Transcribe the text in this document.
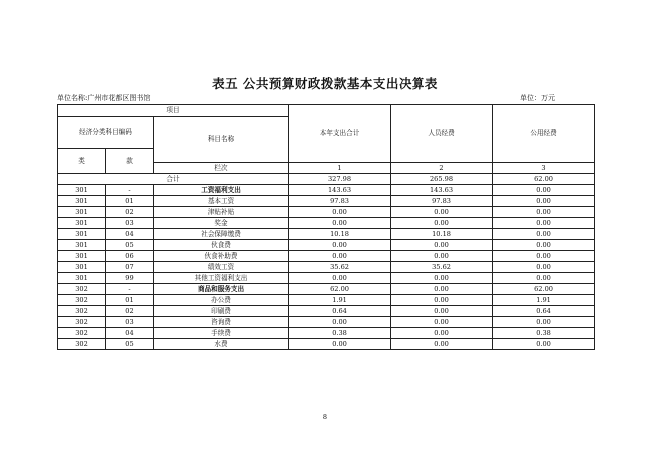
表五 公共预算财政拨款基本支出决算表
单位名称:广州市花都区图书馆	单位：万元
项目			本年支出合计	人员经费	公用经费
经济分类科目编码		科目名称			
类	款				
		栏次	1	2	3
合计			327.98	265.98	62.00
301	-	工资福利支出	143.63	143.63	0.00
301	01	基本工资	97.83	97.83	0.00
301	02	津贴补贴	0.00	0.00	0.00
301	03	奖金	0.00	0.00	0.00
301	04	社会保障缴费	10.18	10.18	0.00
301	05	伙食费	0.00	0.00	0.00
301	06	伙食补助费	0.00	0.00	0.00
301	07	绩效工资	35.62	35.62	0.00
301	99	其他工资福利支出	0.00	0.00	0.00
302	-	商品和服务支出	62.00	0.00	62.00
302	01	办公费	1.91	0.00	1.91
302	02	印刷费	0.64	0.00	0.64
302	03	咨询费	0.00	0.00	0.00
302	04	手续费	0.38	0.00	0.38
302	05	水费	0.00	0.00	0.00
8
